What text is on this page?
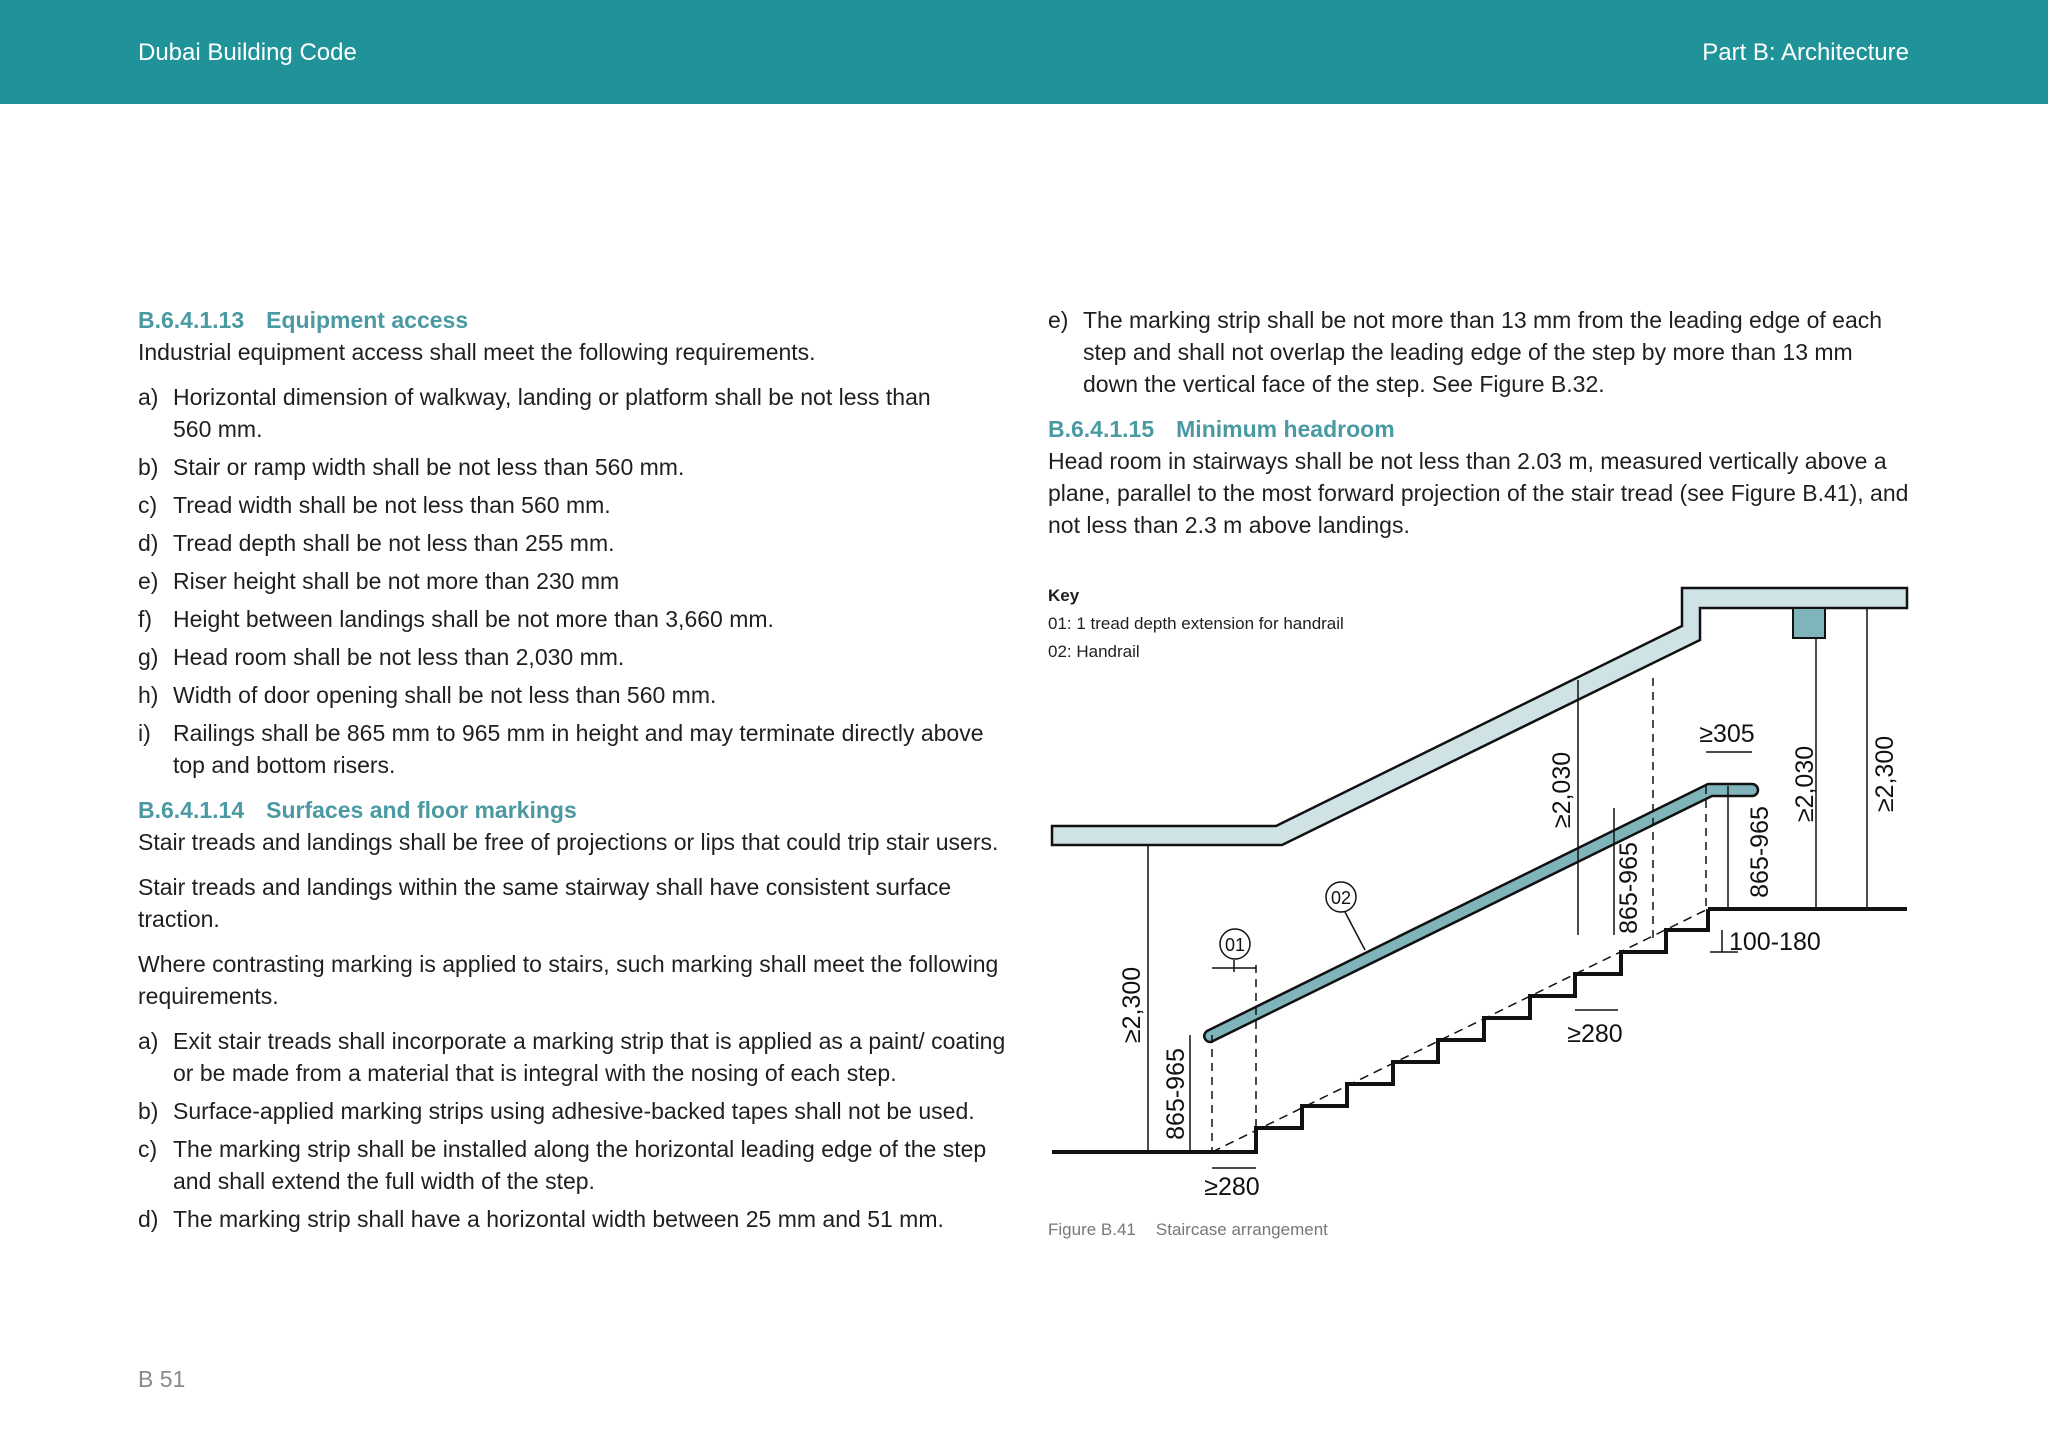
Dubai Building Code	Part B: Architecture

B.6.4.1.13 Equipment access

Industrial equipment access shall meet the following requirements.

a) Horizontal dimension of walkway, landing or platform shall be not less than 560 mm.
b) Stair or ramp width shall be not less than 560 mm.
c) Tread width shall be not less than 560 mm.
d) Tread depth shall be not less than 255 mm.
e) Riser height shall be not more than 230 mm
f) Height between landings shall be not more than 3,660 mm.
g) Head room shall be not less than 2,030 mm.
h) Width of door opening shall be not less than 560 mm.
i) Railings shall be 865 mm to 965 mm in height and may terminate directly above top and bottom risers.

B.6.4.1.14 Surfaces and floor markings

Stair treads and landings shall be free of projections or lips that could trip stair users.

Stair treads and landings within the same stairway shall have consistent surface traction.

Where contrasting marking is applied to stairs, such marking shall meet the following requirements.

a) Exit stair treads shall incorporate a marking strip that is applied as a paint/ coating or be made from a material that is integral with the nosing of each step.
b) Surface-applied marking strips using adhesive-backed tapes shall not be used.
c) The marking strip shall be installed along the horizontal leading edge of the step and shall extend the full width of the step.
d) The marking strip shall have a horizontal width between 25 mm and 51 mm.
e) The marking strip shall be not more than 13 mm from the leading edge of each step and shall not overlap the leading edge of the step by more than 13 mm down the vertical face of the step. See Figure B.32.

B.6.4.1.15 Minimum headroom

Head room in stairways shall be not less than 2.03 m, measured vertically above a plane, parallel to the most forward projection of the stair tread (see Figure B.41), and not less than 2.3 m above landings.

Key
01: 1 tread depth extension for handrail
02: Handrail
01
02
≥2,300
865-965
≥280
≥2,030
865-965
≥280
≥305
865-965
≥2,030 ≥2,300
100-180
Figure B.41 Staircase arrangement
B 51
